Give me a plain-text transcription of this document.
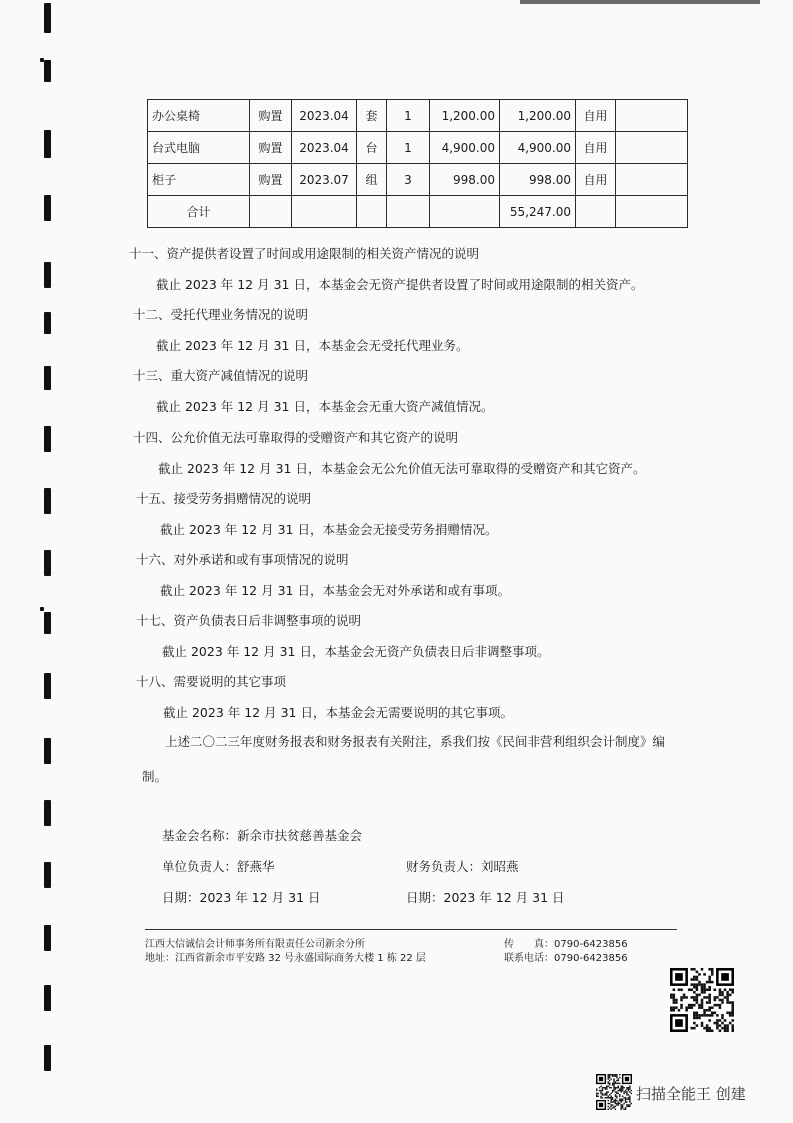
办公桌椅	购置	2023.04	套	1	1,200.00	1,200.00	自用	
台式电脑	购置	2023.04	台	1	4,900.00	4,900.00	自用	
柜子	购置	2023.07	组	3	998.00	998.00	自用	
合计						55,247.00		
十一、资产提供者设置了时间或用途限制的相关资产情况的说明
截止 2023 年 12 月 31 日，本基金会无资产提供者设置了时间或用途限制的相关资产。
十二、受托代理业务情况的说明
截止 2023 年 12 月 31 日，本基金会无受托代理业务。
十三、重大资产减值情况的说明
截止 2023 年 12 月 31 日，本基金会无重大资产减值情况。
十四、公允价值无法可靠取得的受赠资产和其它资产的说明
截止 2023 年 12 月 31 日，本基金会无公允价值无法可靠取得的受赠资产和其它资产。
十五、接受劳务捐赠情况的说明
截止 2023 年 12 月 31 日，本基金会无接受劳务捐赠情况。
十六、对外承诺和或有事项情况的说明
截止 2023 年 12 月 31 日，本基金会无对外承诺和或有事项。
十七、资产负债表日后非调整事项的说明
截止 2023 年 12 月 31 日，本基金会无资产负债表日后非调整事项。
十八、需要说明的其它事项
截止 2023 年 12 月 31 日，本基金会无需要说明的其它事项。
上述二〇二三年度财务报表和财务报表有关附注，系我们按《民间非营利组织会计制度》编
制。
基金会名称：新余市扶贫慈善基金会
单位负责人：舒燕华	财务负责人：刘昭燕
日期：2023 年 12 月 31 日	日期：2023 年 12 月 31 日
江西大信诚信会计师事务所有限责任公司新余分所
地址：江西省新余市平安路 32 号永盛国际商务大楼 1 栋 22 层
传　　真：0790-6423856
联系电话：0790-6423856
扫描全能王 创建
